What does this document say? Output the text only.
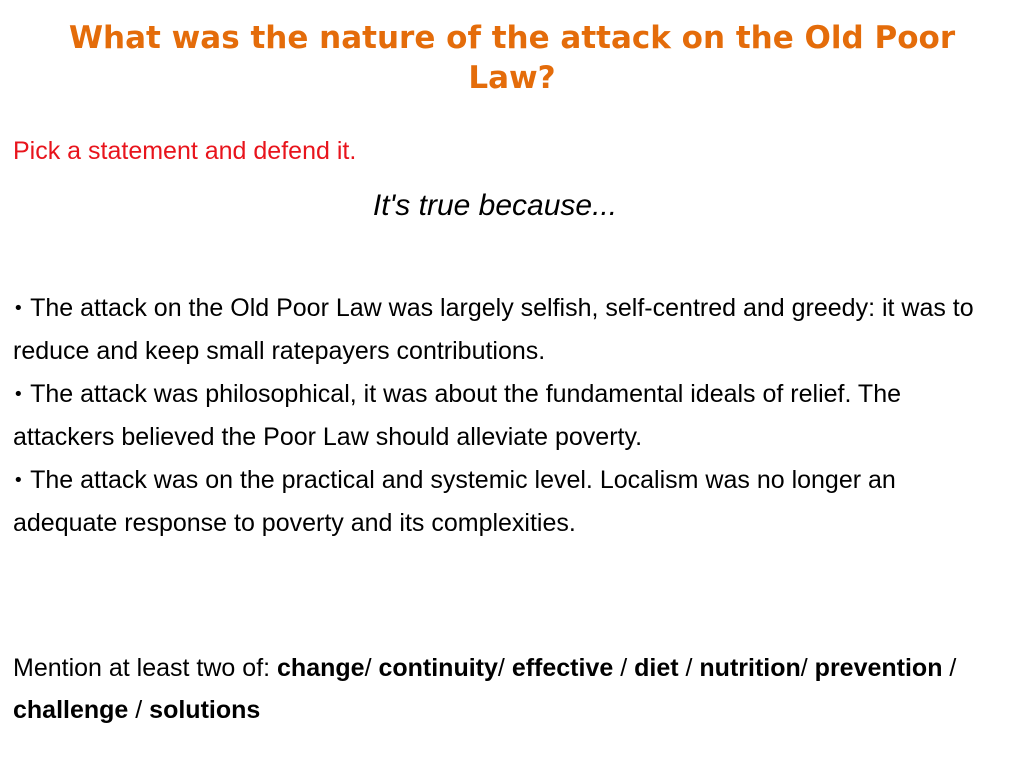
What was the nature of the attack on the Old Poor Law?

Pick a statement and defend it.

It's true because...

• The attack on the Old Poor Law was largely selfish, self-centred and greedy: it was to reduce and keep small ratepayers contributions.
• The attack was philosophical, it was about the fundamental ideals of relief. The attackers believed the Poor Law should alleviate poverty.
• The attack was on the practical and systemic level. Localism was no longer an adequate response to poverty and its complexities.

Mention at least two of: change/ continuity/ effective / diet / nutrition/ prevention / challenge / solutions
